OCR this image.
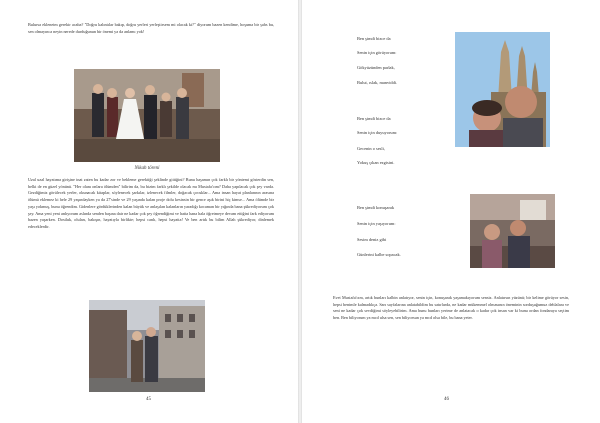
Bulursa ekleneim gerekir acaba? "Doğru kalıntılar bakıp, doğru yerleri yerleştirsem mi olacak ki?" diyorum bazen kendime, hoşuma bir şahs bu, sen olmayınca neyin nerede durduğunun bir önemi ya da anlamı yok!

Nikah töreni

Uzal uzal hayatıma girişine inat zaten bu kadar zor ve bekleme gerektiği şeklinde gittiğini? Bunu haşamın çok farklı bir yöntemi gösterdin sen, belki de en güzel yönünü. "Her olanı onlara ölümden" bilirim da, bu bizim farklı şekilde olacak mı Mustafa'cım? Daha yapılacak çok şey varda. Gezdiğimiz görülecek yerler, okunacak kitaplar, söylenecek şarkılar, izlenecek filmler, doğacak çocuklar... Ama insan hayat planlarının arasına ölümü eklemez ki hele 29 yaşındayken ya da 27'sinde ve 29 yaşında kalan proje dolu kesinsin bir gence aşık birini hiç kimse... Ama ölümde bir yaşı yokmuş, bunu öğrendim. Gidenlere gördüklerinden kalan büyük ve anlaşılan kalanların yaradığı kocaman bir yığında bana şükrediyorum çok şey. Ama yeni yeni anlıyorum aslında senden başına dair ne kadar çok şey öğrendiğimi ve hatta hana hala öğretmeye devam ettiğini fark ediyorum bazen yaşarken. Dostluk, oluları, bakışın, hayatıyla birlikte; hepsi canlı, hepsi hayatta! Ve ben artık bu bilim Allah şükrediyor, dinlemek edeceklerdir.

45

Ben şimdi bizce da

Senin için görüyorum:

Gökyüzünden parlak,

Bulut, ıslak, manviddi.

Ben şimdi bizce da

Senin için duyuyorum:

Gecenin o sesli,

Yokuş çıkan ezgisini.

Ben şimdi konuşarak

Senin için yaşıyorum:

Sesim deniz gibi

Günlerini kalbe sopacak.

Evet Mustafa'cım, artık bunları kalbin anlatıyor, senin için, konuşarak yaşamakıyorum sensiz. Anlatırsın yüzünü; bir kelime görüyor sesin, hepsi benimle kalmadıkça. Sarı sayfalarına anlatabildim bu satırlarda, ne kadar mükemmel olmasının öneminin sorduşuğumuz dehlalara ve seni ne kadar çok sevdiğimi söyleyebilirim. Ama bunu bunları yerime de anlatacak o kadar çok insan var ki bunu ordan fondaraya seçtim ben. Ben biliyorum ya mcd ulsa sen, sen biliyorsun ya mcd olsa bile, bu bana yeter.

46
